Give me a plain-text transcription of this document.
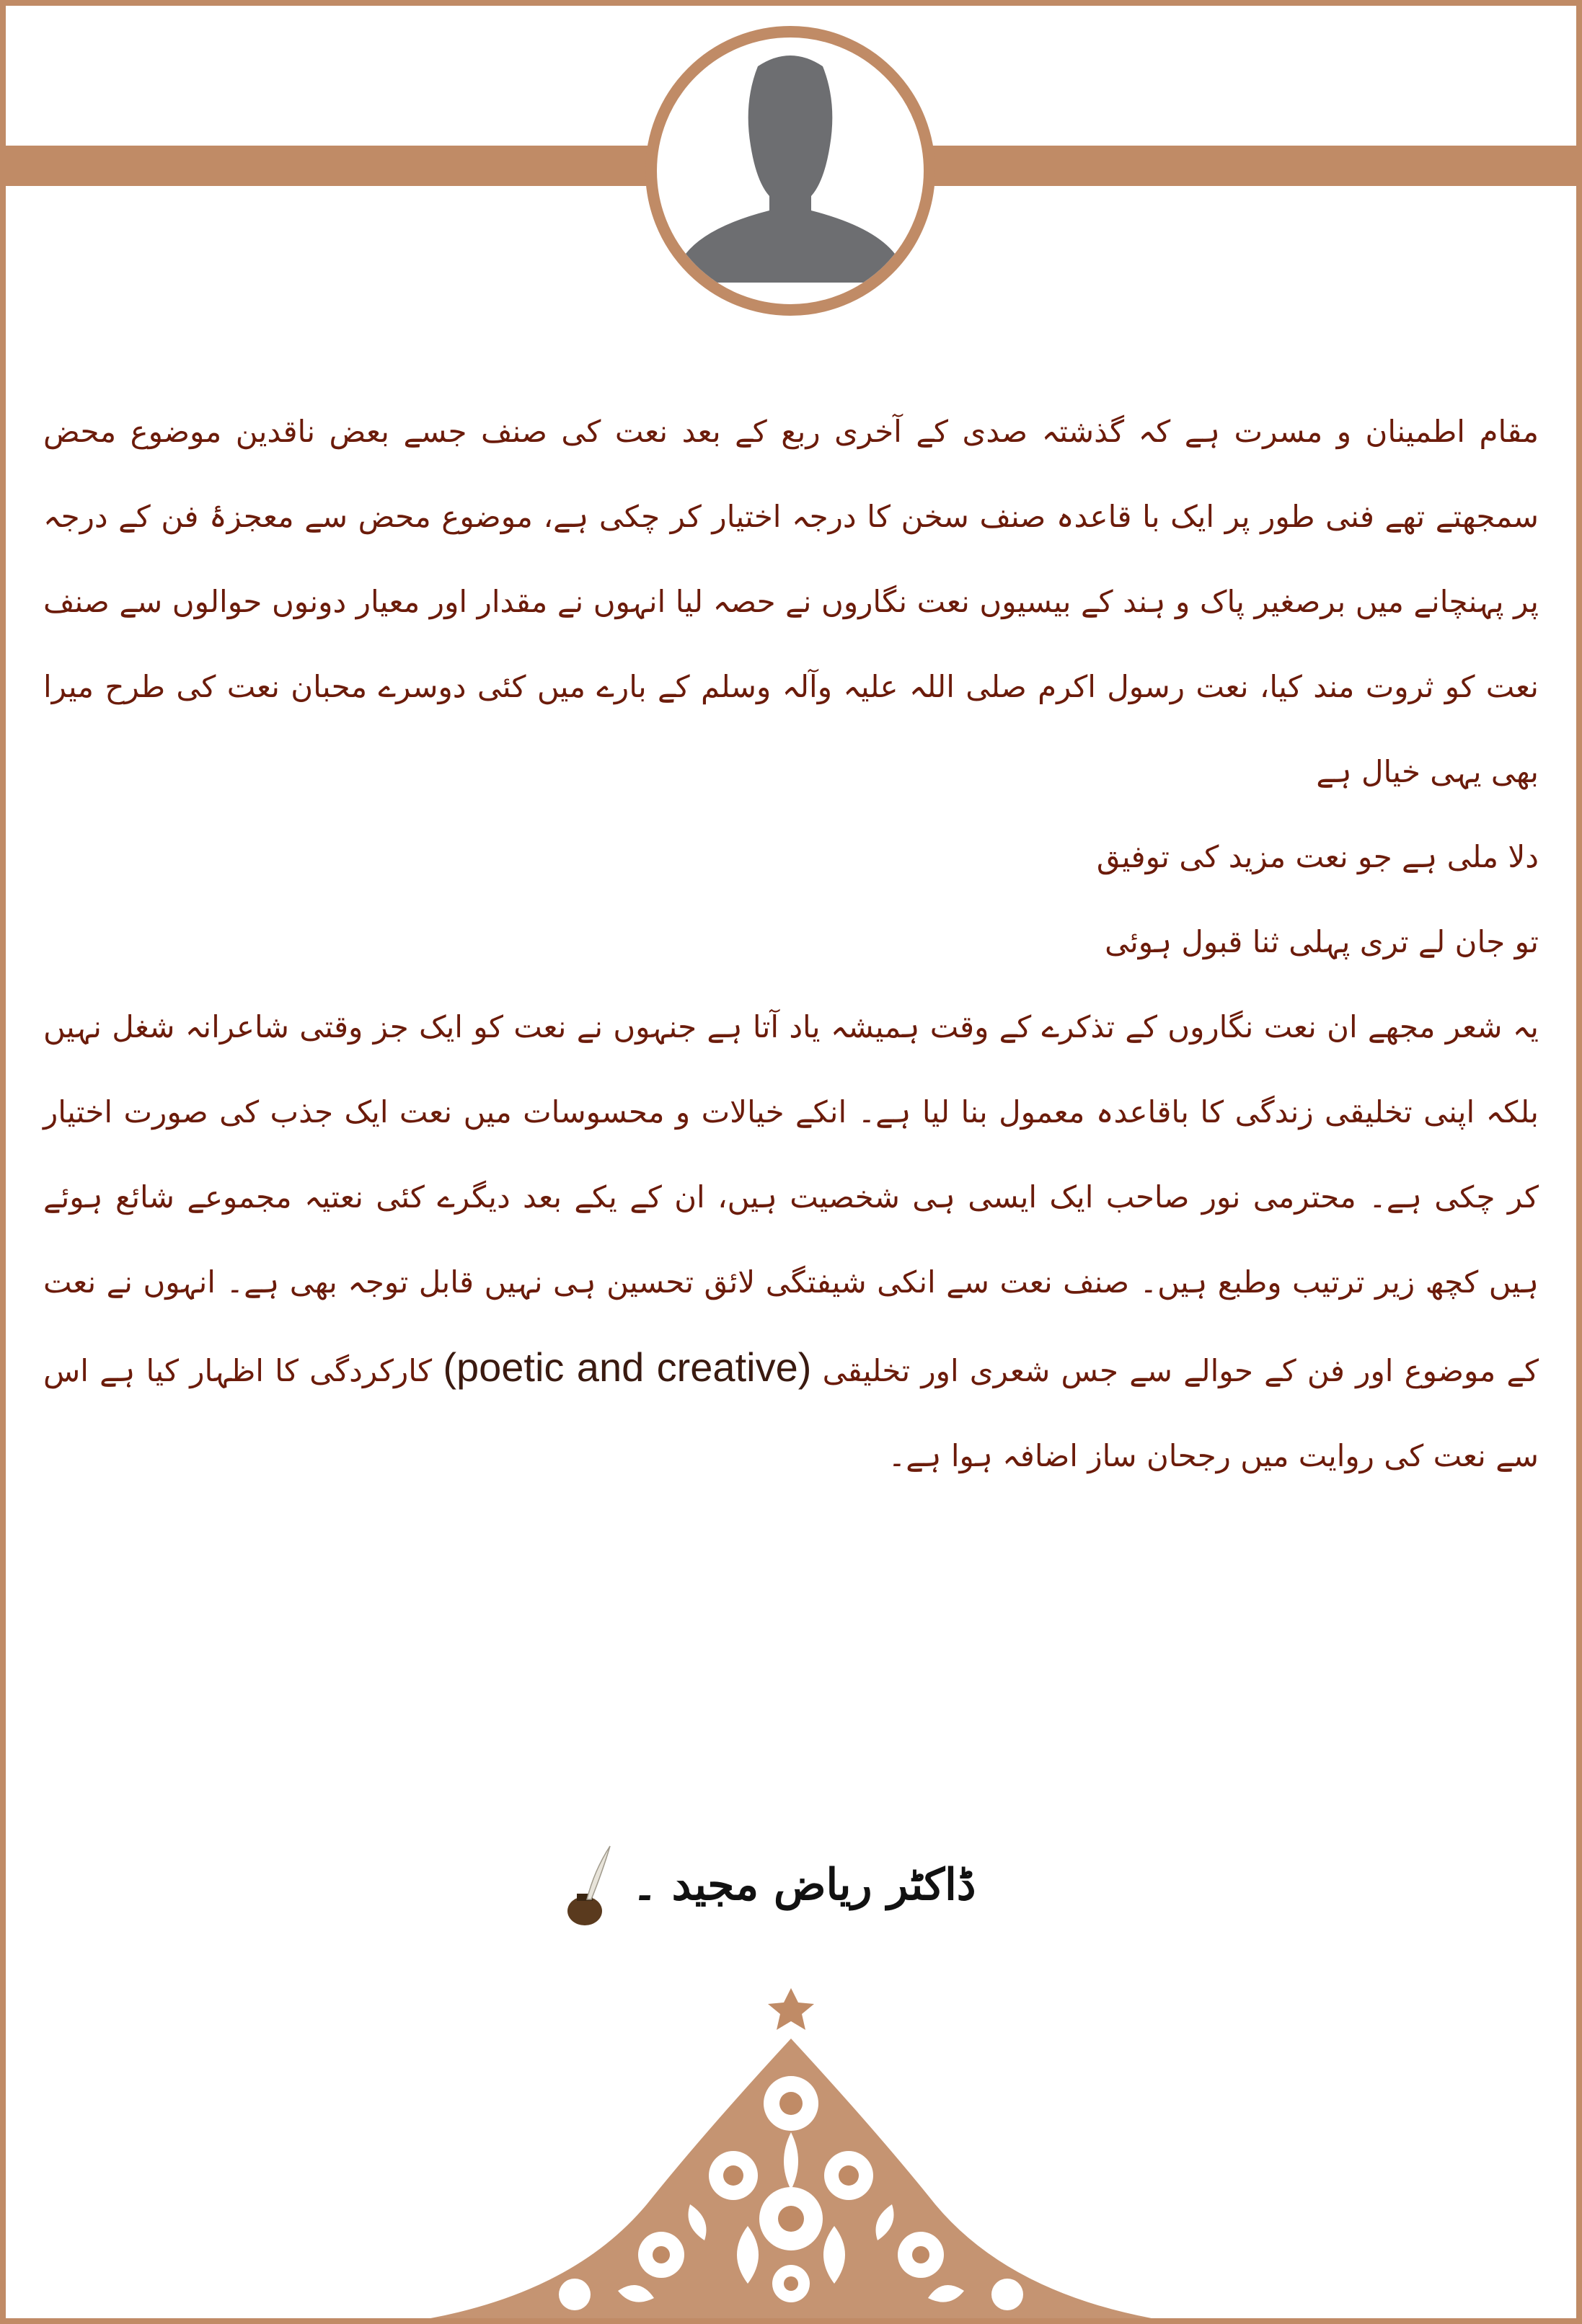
مقام اطمینان و مسرت ہے کہ گذشتہ صدی کے آخری ربع کے بعد نعت کی صنف جسے بعض ناقدین موضوع محض سمجھتے تھے فنی طور پر ایک با قاعدہ صنف سخن کا درجہ اختیار کر چکی ہے، موضوع محض سے معجزۂ فن کے درجہ پر پہنچانے میں برصغیر پاک و ہند کے بیسیوں نعت نگاروں نے حصہ لیا انہوں نے مقدار اور معیار دونوں حوالوں سے صنف نعت کو ثروت مند کیا، نعت رسول اکرم صلی اللہ علیہ وآلہ وسلم کے بارے میں کئی دوسرے محبان نعت کی طرح میرا بھی یہی خیال ہے

دلا ملی ہے جو نعت مزید کی توفیق
تو جان لے تری پہلی ثنا قبول ہوئی

یہ شعر مجھے ان نعت نگاروں کے تذکرے کے وقت ہمیشہ یاد آتا ہے جنہوں نے نعت کو ایک جز وقتی شاعرانہ شغل نہیں بلکہ اپنی تخلیقی زندگی کا باقاعدہ معمول بنا لیا ہے۔ انکے خیالات و محسوسات میں نعت ایک جذب کی صورت اختیار کر چکی ہے۔ محترمی نور صاحب ایک ایسی ہی شخصیت ہیں، ان کے یکے بعد دیگرے کئی نعتیہ مجموعے شائع ہوئے ہیں کچھ زیر ترتیب وطبع ہیں۔ صنف نعت سے انکی شیفتگی لائق تحسین ہی نہیں قابل توجہ بھی ہے۔ انہوں نے نعت کے موضوع اور فن کے حوالے سے جس شعری اور تخلیقی (poetic and creative) کارکردگی کا اظہار کیا ہے اس سے نعت کی روایت میں رجحان ساز اضافہ ہوا ہے۔

ڈاکٹر ریاض مجید
۔
